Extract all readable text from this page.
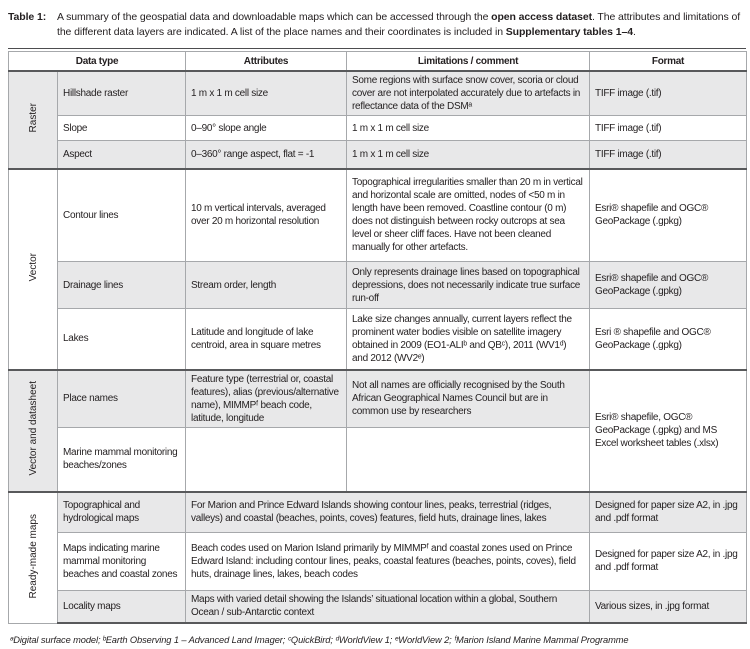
Table 1:	A summary of the geospatial data and downloadable maps which can be accessed through the open access dataset. The attributes and limitations of the different data layers are indicated. A list of the place names and their coordinates is included in Supplementary tables 1–4.

Data type		Attributes	Limitations / comment	Format
Raster	Hillshade raster	1 m x 1 m cell size	Some regions with surface snow cover, scoria or cloud cover are not interpolated accurately due to artefacts in reflectance data of the DSMᵃ	TIFF image (.tif)
	Slope	0–90° slope angle	1 m x 1 m cell size	TIFF image (.tif)
	Aspect	0–360° range aspect, flat = -1	1 m x 1 m cell size	TIFF image (.tif)
Vector	Contour lines	10 m vertical intervals, averaged over 20 m horizontal resolution	Topographical irregularities smaller than 20 m in vertical and horizontal scale are omitted, nodes of <50 m in length have been removed. Coastline contour (0 m) does not distinguish between rocky outcrops at sea level or sheer cliff faces. Have not been cleaned manually for other artefacts.	Esri® shapefile and OGC® GeoPackage (.gpkg)
	Drainage lines	Stream order, length	Only represents drainage lines based on topographical depressions, does not necessarily indicate true surface run-off	Esri® shapefile and OGC® GeoPackage (.gpkg)
	Lakes	Latitude and longitude of lake centroid, area in square metres	Lake size changes annually, current layers reflect the prominent water bodies visible on satellite imagery obtained in 2009 (EO1-ALIᵇ and QBᶜ), 2011 (WV1ᵈ) and 2012 (WV2ᵉ)	Esri ® shapefile and OGC® GeoPackage (.gpkg)
Vector and datasheet	Place names	Feature type (terrestrial or, coastal features), alias (previous/alternative name), MIMMPᶠ beach code, latitude, longitude	Not all names are officially recognised by the South African Geographical Names Council but are in common use by researchers	Esri® shapefile, OGC® GeoPackage (.gpkg) and MS Excel worksheet tables (.xlsx)
	Marine mammal monitoring beaches/zones			
Ready-made maps	Topographical and hydrological maps	For Marion and Prince Edward Islands showing contour lines, peaks, terrestrial (ridges, valleys) and coastal (beaches, points, coves) features, field huts, drainage lines, lakes		Designed for paper size A2, in .jpg and .pdf format
	Maps indicating marine mammal monitoring beaches and coastal zones	Beach codes used on Marion Island primarily by MIMMPᶠ and coastal zones used on Prince Edward Island: including contour lines, peaks, coastal features (beaches, points, coves), field huts, drainage lines, lakes, beach codes		Designed for paper size A2, in .jpg and .pdf format
	Locality maps	Maps with varied detail showing the Islands’ situational location within a global, Southern Ocean / sub-Antarctic context		Various sizes, in .jpg format

ᵃDigital surface model; ᵇEarth Observing 1 – Advanced Land Imager; ᶜQuickBird; ᵈWorldView 1; ᵉWorldView 2; ᶠMarion Island Marine Mammal Programme
